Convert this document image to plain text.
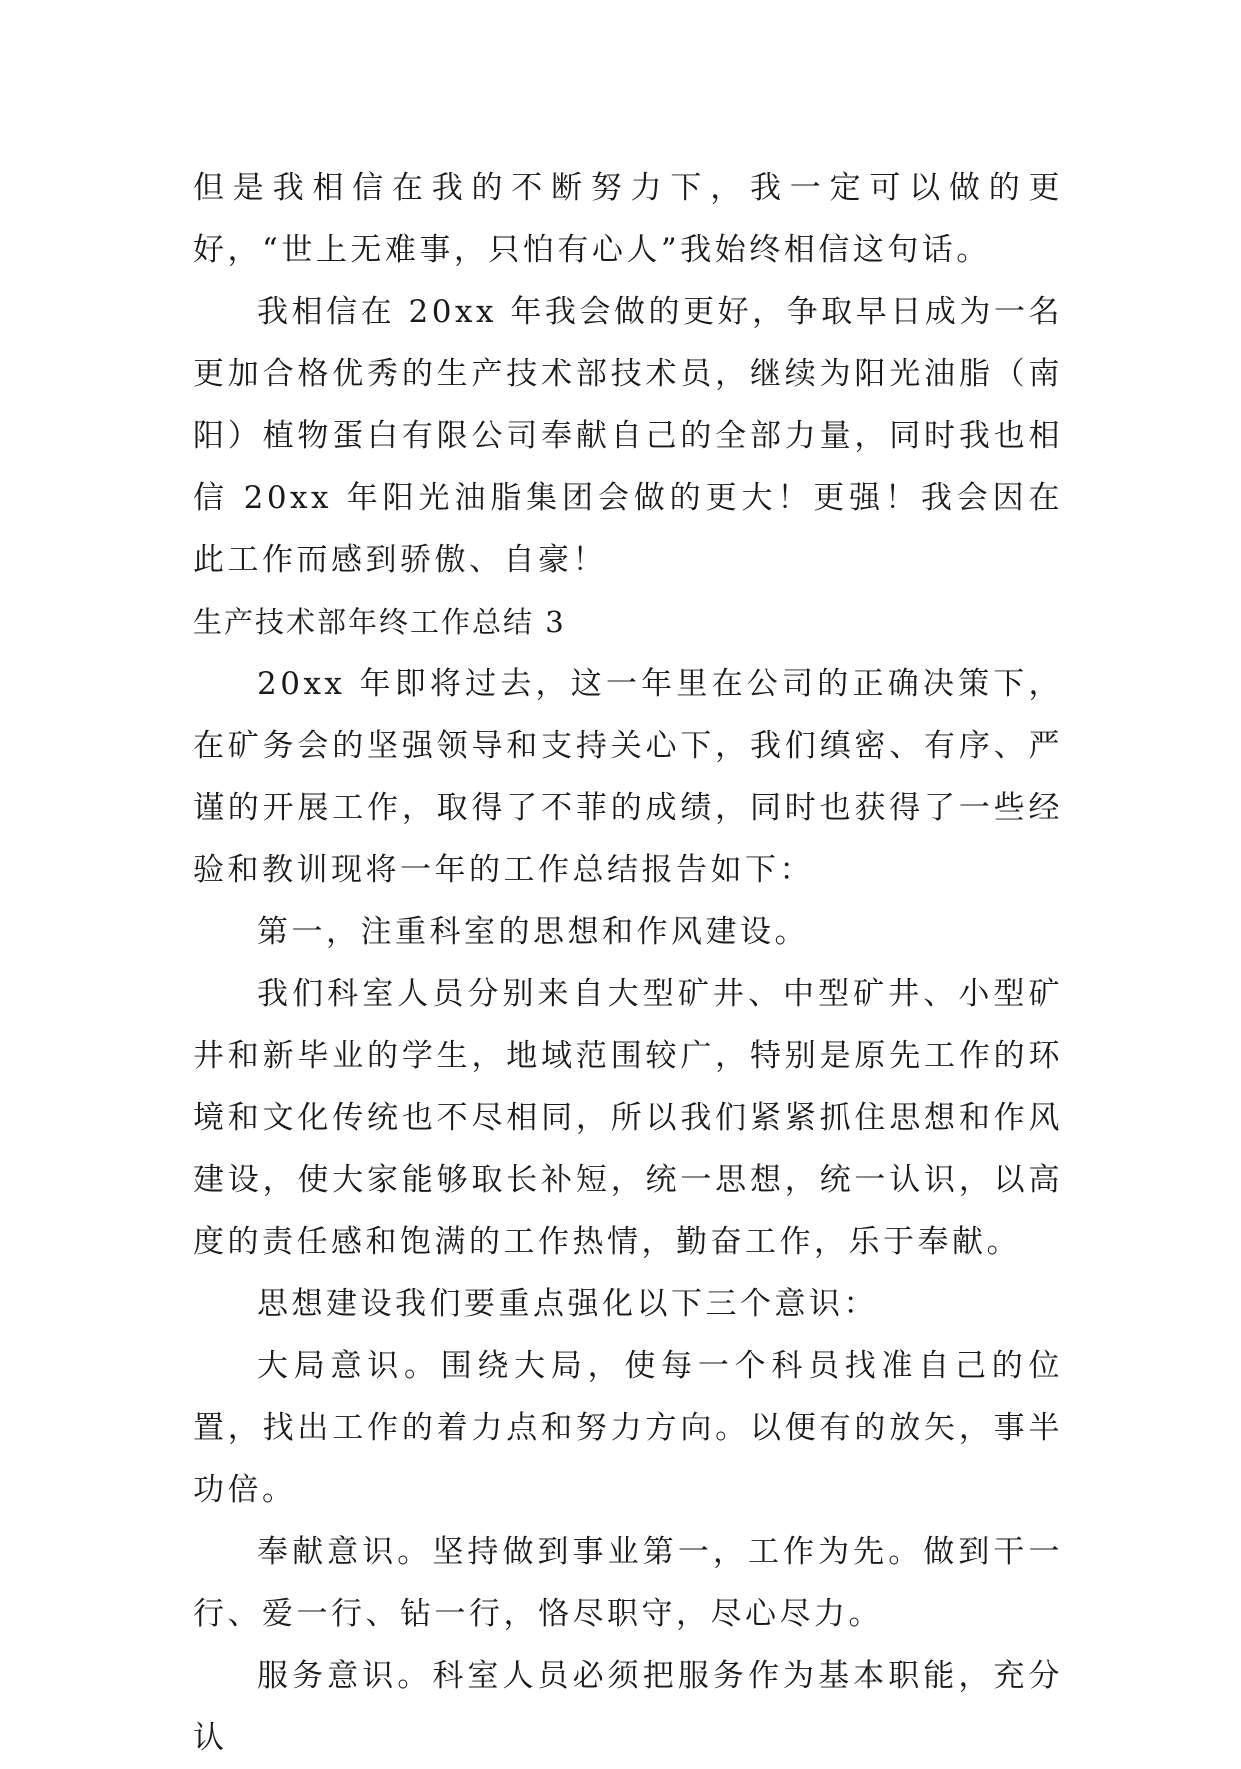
但是我相信在我的不断努力下，我一定可以做的更好，“世上无难事，只怕有心人”我始终相信这句话。

我相信在 20xx 年我会做的更好，争取早日成为一名更加合格优秀的生产技术部技术员，继续为阳光油脂（南阳）植物蛋白有限公司奉献自己的全部力量，同时我也相信 20xx 年阳光油脂集团会做的更大！更强！我会因在此工作而感到骄傲、自豪！

生产技术部年终工作总结 3

20xx 年即将过去，这一年里在公司的正确决策下，在矿务会的坚强领导和支持关心下，我们缜密、有序、严谨的开展工作，取得了不菲的成绩，同时也获得了一些经验和教训现将一年的工作总结报告如下：

第一，注重科室的思想和作风建设。

我们科室人员分别来自大型矿井、中型矿井、小型矿井和新毕业的学生，地域范围较广，特别是原先工作的环境和文化传统也不尽相同，所以我们紧紧抓住思想和作风建设，使大家能够取长补短，统一思想，统一认识，以高度的责任感和饱满的工作热情，勤奋工作，乐于奉献。

思想建设我们要重点强化以下三个意识：

大局意识。围绕大局，使每一个科员找准自己的位置，找出工作的着力点和努力方向。以便有的放矢，事半功倍。

奉献意识。坚持做到事业第一，工作为先。做到干一行、爱一行、钻一行，恪尽职守，尽心尽力。

服务意识。科室人员必须把服务作为基本职能，充分认
